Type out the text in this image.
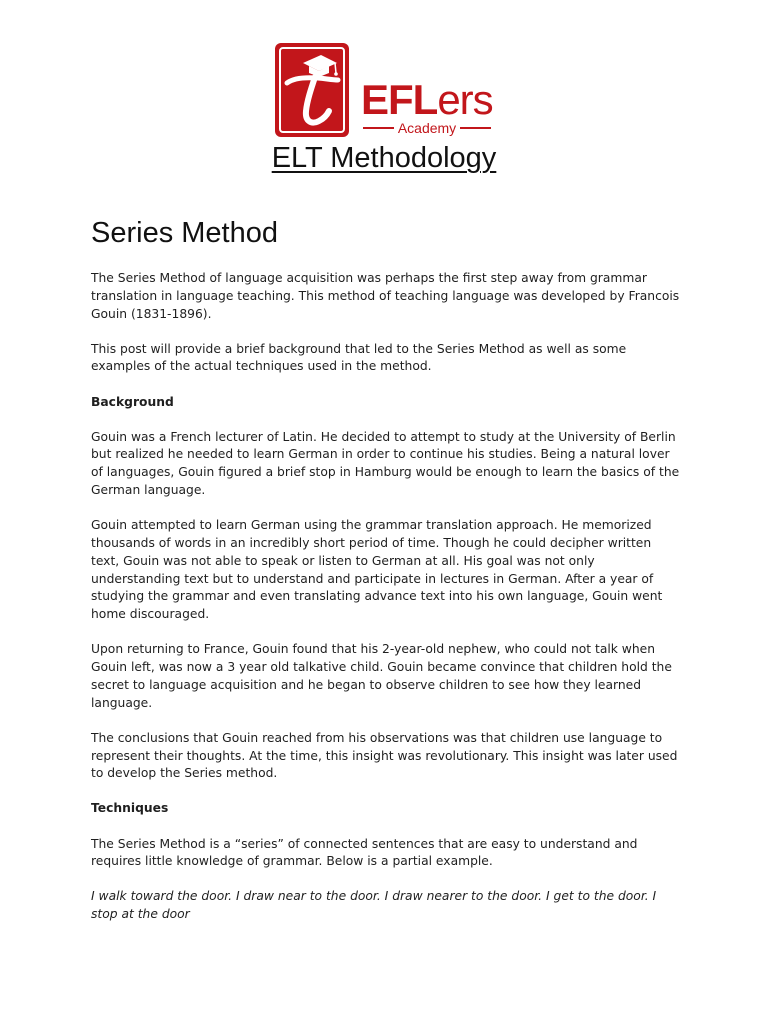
EFLers
Academy
ELT Methodology
Series Method

The Series Method of language acquisition was perhaps the first step away from grammar translation in language teaching. This method of teaching language was developed by Francois Gouin (1831-1896).

This post will provide a brief background that led to the Series Method as well as some examples of the actual techniques used in the method.

Background

Gouin was a French lecturer of Latin. He decided to attempt to study at the University of Berlin but realized he needed to learn German in order to continue his studies. Being a natural lover of languages, Gouin figured a brief stop in Hamburg would be enough to learn the basics of the German language.

Gouin attempted to learn German using the grammar translation approach. He memorized thousands of words in an incredibly short period of time. Though he could decipher written text, Gouin was not able to speak or listen to German at all. His goal was not only understanding text but to understand and participate in lectures in German. After a year of studying the grammar and even translating advance text into his own language, Gouin went home discouraged.

Upon returning to France, Gouin found that his 2-year-old nephew, who could not talk when Gouin left, was now a 3 year old talkative child. Gouin became convince that children hold the secret to language acquisition and he began to observe children to see how they learned language.

The conclusions that Gouin reached from his observations was that children use language to represent their thoughts. At the time, this insight was revolutionary. This insight was later used to develop the Series method.

Techniques

The Series Method is a “series” of connected sentences that are easy to understand and requires little knowledge of grammar. Below is a partial example.

I walk toward the door. I draw near to the door. I draw nearer to the door. I get to the door. I stop at the door
